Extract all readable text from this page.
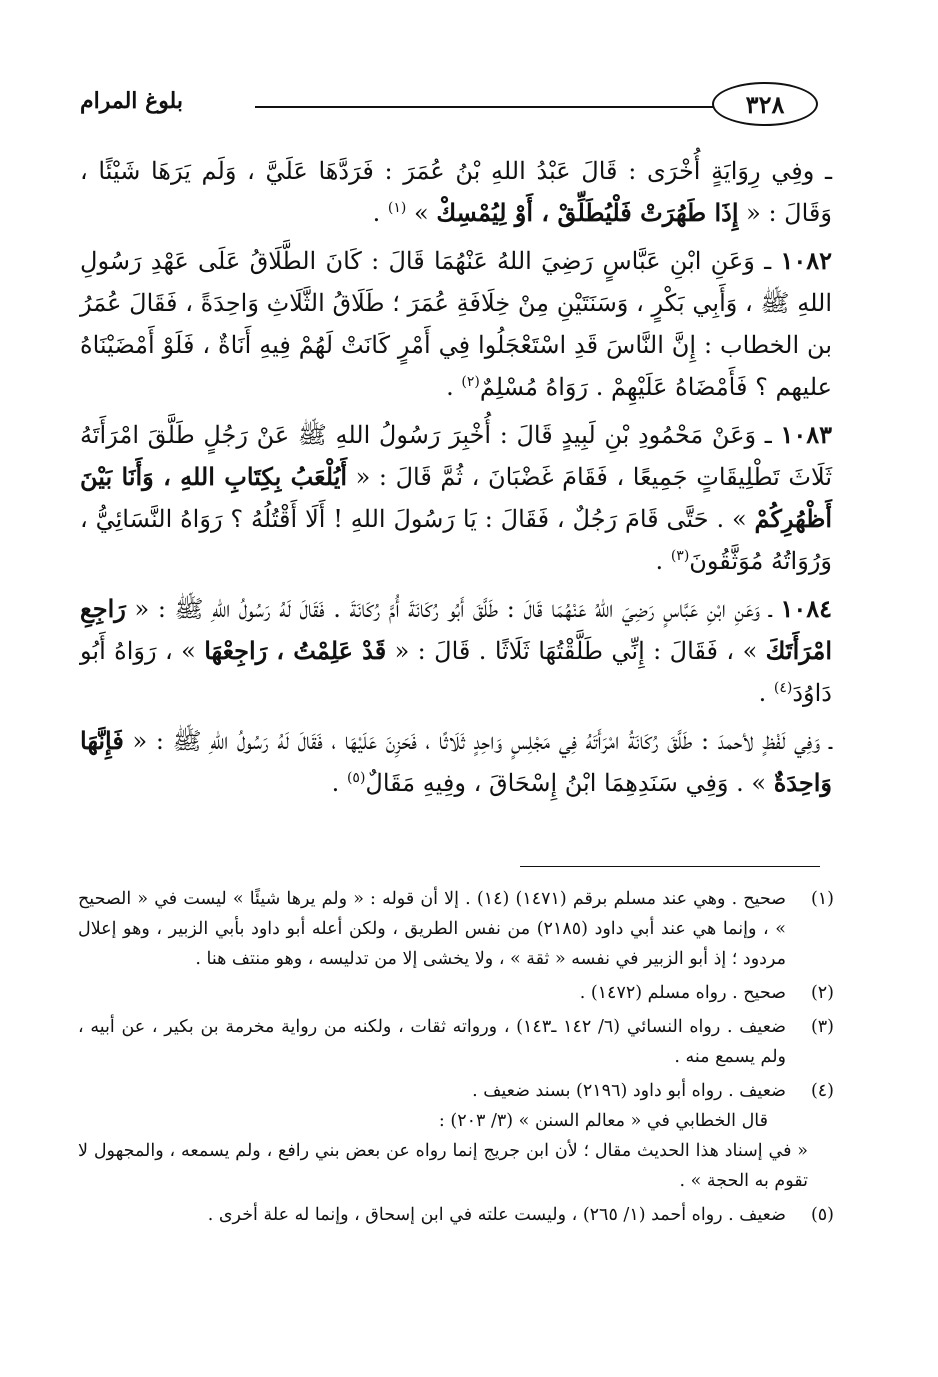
٣٢٨
بلوغ المرام

ـ وفِي رِوَايَةٍ أُخْرَى : قَالَ عَبْدُ اللهِ بْنُ عُمَرَ : فَرَدَّهَا عَلَيَّ ، وَلَم يَرَهَا شَيْئًا ، وَقَالَ : « إِذَا طَهُرَتْ فَلْيُطَلِّقْ ، أَوْ لِيُمْسِكْ » $^{(١)}$ .

١٠٨٢ ـ وَعَنِ ابْنِ عَبَّاسٍ رَضِيَ اللهُ عَنْهُمَا قَالَ : كَانَ الطَّلَاقُ عَلَى عَهْدِ رَسُولِ اللهِ ﷺ ، وَأَبِي بَكْرٍ ، وَسَنَتَيْنِ مِنْ خِلَافَةِ عُمَرَ ؛ طَلَاقُ الثَّلَاثِ وَاحِدَةً ، فَقَالَ عُمَرُ بن الخطاب : إِنَّ النَّاسَ قَدِ اسْتَعْجَلُوا فِي أَمْرٍ كَانَتْ لَهُمْ فِيهِ أَنَاةٌ ، فَلَوْ أَمْضَيْنَاهُ عليهم ؟ فَأَمْضَاهُ عَلَيْهِمْ . رَوَاهُ مُسْلِمٌ$^{(٢)}$ .

١٠٨٣ ـ وَعَنْ مَحْمُودِ بْنِ لَبِيدٍ قَالَ : أُخْبِرَ رَسُولُ اللهِ ﷺ عَنْ رَجُلٍ طَلَّقَ امْرَأَتَهُ ثَلَاثَ تَطْلِيقَاتٍ جَمِيعًا ، فَقَامَ غَضْبَانَ ، ثُمَّ قَالَ : « أَيُلْعَبُ بِكِتَابِ اللهِ ، وَأَنَا بَيْنَ أَظْهُرِكُمْ » . حَتَّى قَامَ رَجُلٌ ، فَقَالَ : يَا رَسُولَ اللهِ ! أَلَا أَقْتُلُهُ ؟ رَوَاهُ النَّسَائِيُّ ، وَرُوَاتُهُ مُوَثَّقُونَ$^{(٣)}$ .

١٠٨٤ ـ وَعَنِ ابْنِ عَبَّاسٍ رَضِيَ اللهُ عَنْهُمَا قَالَ : طَلَّقَ أَبُو رُكَانَةَ أُمَّ رُكَانَةَ . فَقَالَ لَهُ رَسُولُ اللهِ ﷺ : « رَاجِعِ امْرَأَتَكَ » ، فَقَالَ : إِنِّي طَلَّقْتُهَا ثَلَاثًا . قَالَ : « قَدْ عَلِمْتُ ، رَاجِعْهَا » ، رَوَاهُ أَبُو دَاوُدَ$^{(٤)}$ .

ـ وَفِي لَفْظٍ لأحمدَ : طَلَّقَ رُكَانَةُ امْرَأَتَهُ فِي مَجْلِسٍ وَاحِدٍ ثَلَاثًا ، فَحَزِنَ عَلَيْهَا ، فَقَالَ لَهُ رَسُولُ اللهِ ﷺ : « فَإِنَّهَا وَاحِدَةٌ » . وَفِي سَنَدِهِمَا ابْنُ إِسْحَاقَ ، وفِيهِ مَقَالٌ$^{(٥)}$ .

(١)

صحيح . وهي عند مسلم برقم (١٤٧١) (١٤) . إلا أن قوله : « ولم يرها شيئًا » ليست في « الصحيح » ، وإنما هي عند أبي داود (٢١٨٥) من نفس الطريق ، ولكن أعله أبو داود بأبي الزبير ، وهو إعلال مردود ؛ إذ أبو الزبير في نفسه « ثقة » ، ولا يخشى إلا من تدليسه ، وهو منتف هنا .

(٢)

صحيح . رواه مسلم (١٤٧٢) .

(٣)

ضعيف . رواه النسائي (٦/ ١٤٢ ـ١٤٣) ، ورواته ثقات ، ولكنه من رواية مخرمة بن بكير ، عن أبيه ، ولم يسمع منه .

(٤)

ضعيف . رواه أبو داود (٢١٩٦) بسند ضعيف .

قال الخطابي في « معالم السنن » (٣/ ٢٠٣) :

« في إسناد هذا الحديث مقال ؛ لأن ابن جريج إنما رواه عن بعض بني رافع ، ولم يسمعه ، والمجهول لا تقوم به الحجة » .

(٥)

ضعيف . رواه أحمد (١/ ٢٦٥) ، وليست علته في ابن إسحاق ، وإنما له علة أخرى .
